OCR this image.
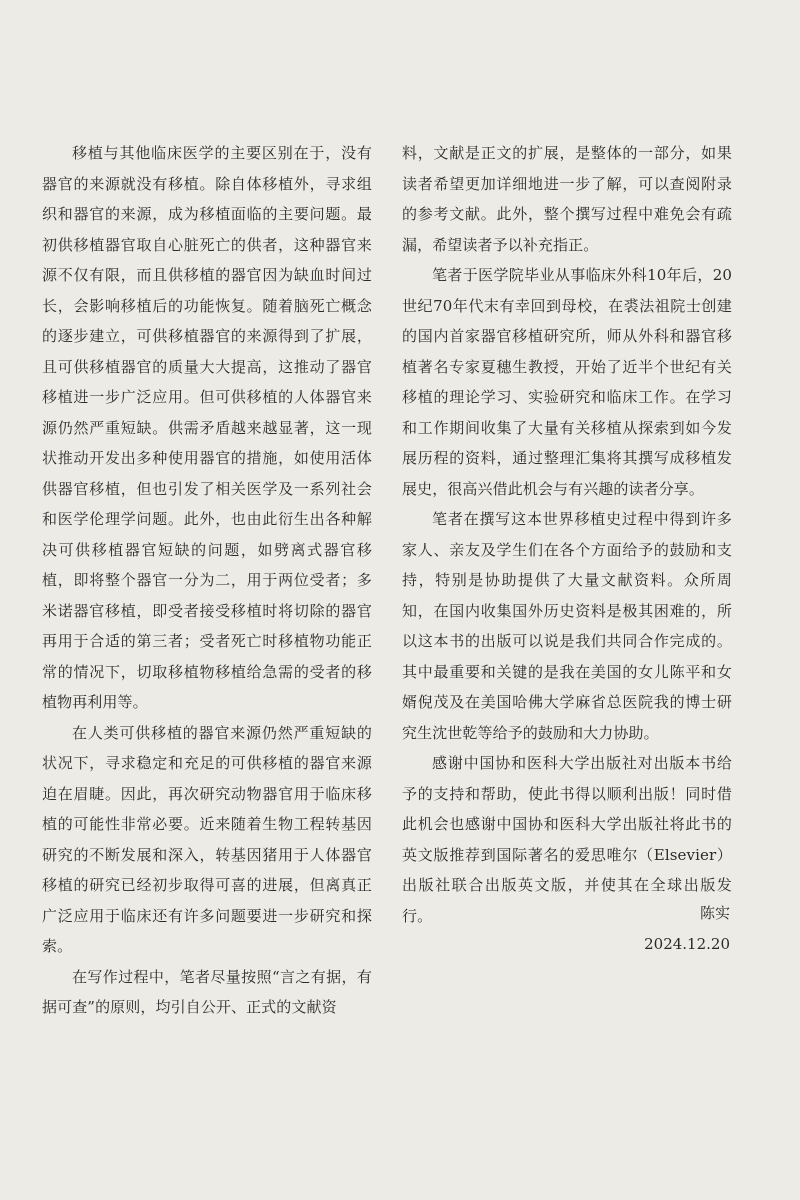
移植与其他临床医学的主要区别在于，没有器官的来源就没有移植。除自体移植外，寻求组织和器官的来源，成为移植面临的主要问题。最初供移植器官取自心脏死亡的供者，这种器官来源不仅有限，而且供移植的器官因为缺血时间过长，会影响移植后的功能恢复。随着脑死亡概念的逐步建立，可供移植器官的来源得到了扩展，且可供移植器官的质量大大提高，这推动了器官移植进一步广泛应用。但可供移植的人体器官来源仍然严重短缺。供需矛盾越来越显著，这一现状推动开发出多种使用器官的措施，如使用活体供器官移植，但也引发了相关医学及一系列社会和医学伦理学问题。此外，也由此衍生出各种解决可供移植器官短缺的问题，如劈离式器官移植，即将整个器官一分为二，用于两位受者；多米诺器官移植，即受者接受移植时将切除的器官再用于合适的第三者；受者死亡时移植物功能正常的情况下，切取移植物移植给急需的受者的移植物再利用等。

在人类可供移植的器官来源仍然严重短缺的状况下，寻求稳定和充足的可供移植的器官来源迫在眉睫。因此，再次研究动物器官用于临床移植的可能性非常必要。近来随着生物工程转基因研究的不断发展和深入，转基因猪用于人体器官移植的研究已经初步取得可喜的进展，但离真正广泛应用于临床还有许多问题要进一步研究和探索。

在写作过程中，笔者尽量按照“言之有据，有据可查”的原则，均引自公开、正式的文献资

料，文献是正文的扩展，是整体的一部分，如果读者希望更加详细地进一步了解，可以查阅附录的参考文献。此外，整个撰写过程中难免会有疏漏，希望读者予以补充指正。

笔者于医学院毕业从事临床外科10年后，20世纪70年代末有幸回到母校，在裘法祖院士创建的国内首家器官移植研究所，师从外科和器官移植著名专家夏穗生教授，开始了近半个世纪有关移植的理论学习、实验研究和临床工作。在学习和工作期间收集了大量有关移植从探索到如今发展历程的资料，通过整理汇集将其撰写成移植发展史，很高兴借此机会与有兴趣的读者分享。

笔者在撰写这本世界移植史过程中得到许多家人、亲友及学生们在各个方面给予的鼓励和支持，特别是协助提供了大量文献资料。众所周知，在国内收集国外历史资料是极其困难的，所以这本书的出版可以说是我们共同合作完成的。其中最重要和关键的是我在美国的女儿陈平和女婿倪茂及在美国哈佛大学麻省总医院我的博士研究生沈世乾等给予的鼓励和大力协助。

感谢中国协和医科大学出版社对出版本书给予的支持和帮助，使此书得以顺利出版！同时借此机会也感谢中国协和医科大学出版社将此书的英文版推荐到国际著名的爱思唯尔（Elsevier）出版社联合出版英文版，并使其在全球出版发行。	陈实
2024.12.20
